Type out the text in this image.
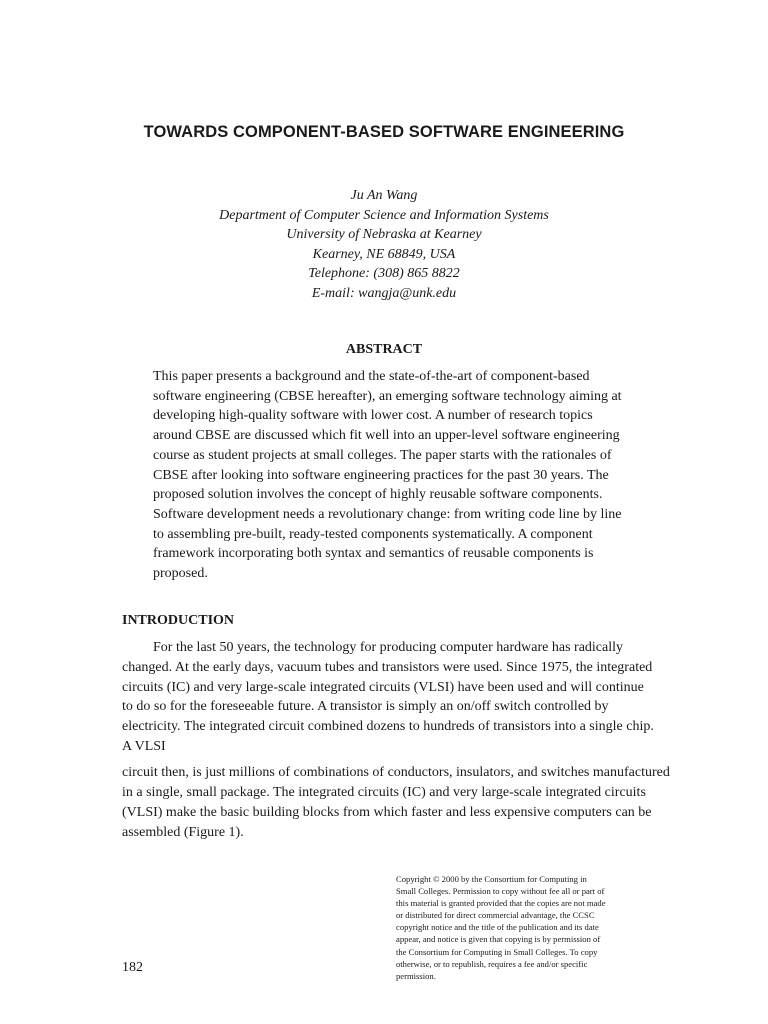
TOWARDS COMPONENT-BASED SOFTWARE ENGINEERING
Ju An Wang
Department of Computer Science and Information Systems
University of Nebraska at Kearney
Kearney, NE 68849, USA
Telephone: (308) 865 8822
E-mail: wangja@unk.edu
ABSTRACT
This paper presents a background and the state-of-the-art of component-based
software engineering (CBSE hereafter), an emerging software technology aiming at
developing high-quality software with lower cost. A number of research topics
around CBSE are discussed which fit well into an upper-level software engineering
course as student projects at small colleges. The paper starts with the rationales of
CBSE after looking into software engineering practices for the past 30 years. The
proposed solution involves the concept of highly reusable software components.
Software development needs a revolutionary change: from writing code line by line
to assembling pre-built, ready-tested components systematically. A component
framework incorporating both syntax and semantics of reusable components is
proposed.
INTRODUCTION
For the last 50 years, the technology for producing computer hardware has radically
changed. At the early days, vacuum tubes and transistors were used. Since 1975, the integrated
circuits (IC) and very large-scale integrated circuits (VLSI) have been used and will continue
to do so for the foreseeable future. A transistor is simply an on/off switch controlled by
electricity. The integrated circuit combined dozens to hundreds of transistors into a single chip.
A VLSI
circuit then, is just millions of combinations of conductors, insulators, and switches manufactured
in a single, small package. The integrated circuits (IC) and very large-scale integrated circuits
(VLSI) make the basic building blocks from which faster and less expensive computers can be
assembled (Figure 1).
Copyright © 2000 by the Consortium for Computing in
Small Colleges. Permission to copy without fee all or part of
this material is granted provided that the copies are not made
or distributed for direct commercial advantage, the CCSC
copyright notice and the title of the publication and its date
appear, and notice is given that copying is by permission of
the Consortium for Computing in Small Colleges. To copy
otherwise, or to republish, requires a fee and/or specific
permission.
182
